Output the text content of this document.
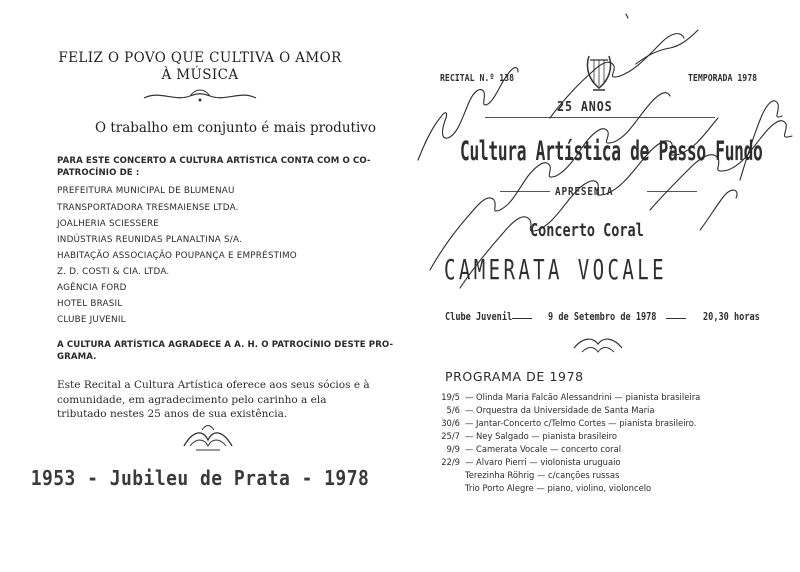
FELIZ O POVO QUE CULTIVA O AMOR

À MÚSICA

O trabalho em conjunto é mais produtivo

PARA ESTE CONCERTO A CULTURA ARTÍSTICA CONTA COM O CO-

PATROCÍNIO DE :

PREFEITURA MUNICIPAL DE BLUMENAU

TRANSPORTADORA TRESMAIENSE LTDA.

JOALHERIA SCIESSERE

INDÚSTRIAS REUNIDAS PLANALTINA S/A.

HABITAÇÃO ASSOCIAÇÃO POUPANÇA E EMPRÉSTIMO

Z. D. COSTI & CIA. LTDA.

AGÊNCIA FORD

HOTEL BRASIL

CLUBE JUVENIL

A CULTURA ARTÍSTICA AGRADECE A A. H. O PATROCÍNIO DESTE PRO-

GRAMA.

Este Recital a Cultura Artística oferece aos seus sócios e à comunidade, em agradecimento pelo carinho a ela tributado nestes 25 anos de sua existência.

1953 - Jubileu de Prata - 1978

RECITAL N.º 138	TEMPORADA 1978

25 ANOS

Cultura Artística de Passo Fundo

APRESENTA

Concerto Coral

CAMERATA VOCALE

Clube Juvenil	9 de Setembro de 1978	20,30 horas

PROGRAMA DE 1978

19/5 — Olinda Maria Falcão Alessandrini — pianista brasileira
5/6 — Orquestra da Universidade de Santa Maria
30/6 — Jantar-Concerto c/Telmo Cortes — pianista brasileiro.
25/7 — Ney Salgado — pianista brasileiro
9/9 — Camerata Vocale — concerto coral
22/9 — Alvaro Pierri — violonista uruguaio
Terezinha Röhrig — c/canções russas
Trio Porto Alegre — piano, violino, violoncelo
